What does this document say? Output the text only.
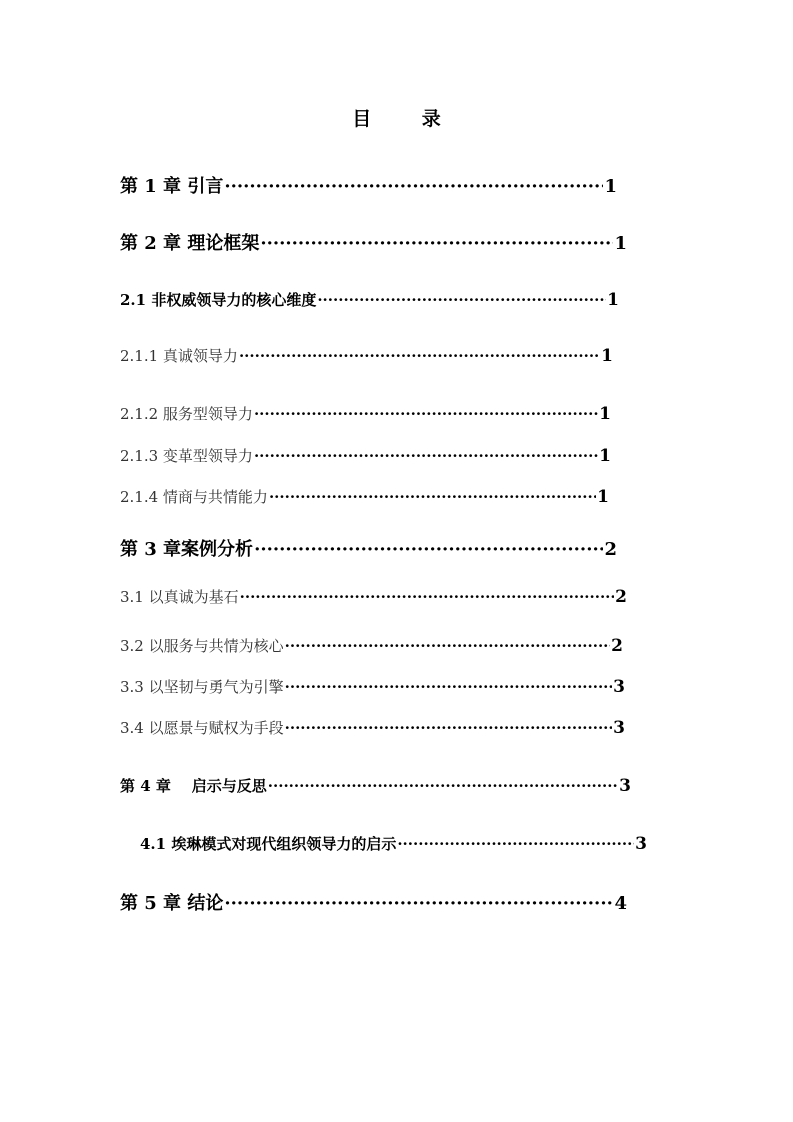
目 录
第 1 章 引言 ·····	1
第 2 章 理论框架 ·····	1
2.1 非权威领导力的核心维度 ·····	1
2.1.1 真诚领导力 ·····	1
2.1.2 服务型领导力 ·····	1
2.1.3 变革型领导力 ·····	1
2.1.4 情商与共情能力 ·····	1
第 3 章案例分析 ·····	2
3.1 以真诚为基石 ·····	2
3.2 以服务与共情为核心 ·····	2
3.3 以坚韧与勇气为引擎 ·····	3
3.4 以愿景与赋权为手段 ·····	3
第 4 章    启示与反思 ·····	3
4.1 埃琳模式对现代组织领导力的启示 ·····	3
第 5 章 结论 ·····	4
